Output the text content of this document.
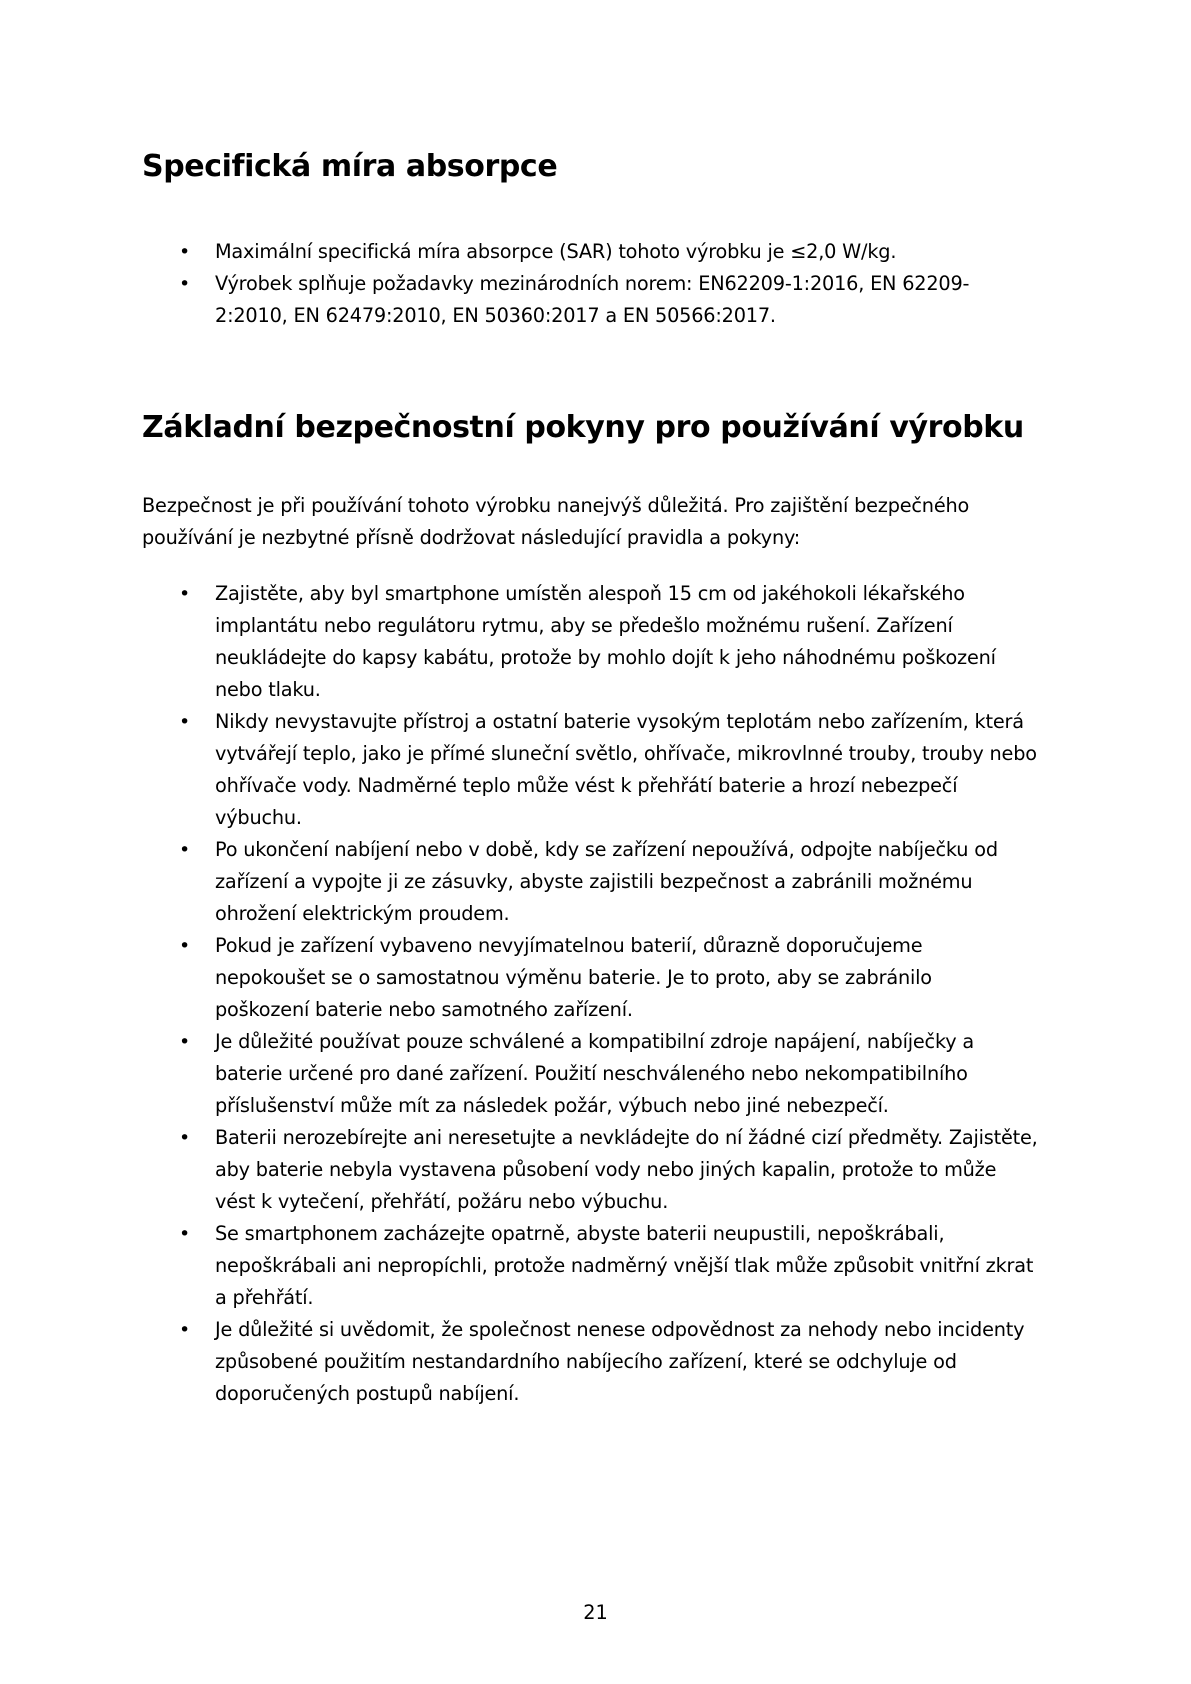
Specifická míra absorpce
• Maximální specifická míra absorpce (SAR) tohoto výrobku je ≤2,0 W/kg.
• Výrobek splňuje požadavky mezinárodních norem: EN62209-1:2016, EN 62209-
2:2010, EN 62479:2010, EN 50360:2017 a EN 50566:2017.
Základní bezpečnostní pokyny pro používání výrobku

Bezpečnost je při používání tohoto výrobku nanejvýš důležitá. Pro zajištění bezpečného
používání je nezbytné přísně dodržovat následující pravidla a pokyny:

• Zajistěte, aby byl smartphone umístěn alespoň 15 cm od jakéhokoli lékařského
implantátu nebo regulátoru rytmu, aby se předešlo možnému rušení. Zařízení
neukládejte do kapsy kabátu, protože by mohlo dojít k jeho náhodnému poškození
nebo tlaku.
• Nikdy nevystavujte přístroj a ostatní baterie vysokým teplotám nebo zařízením, která
vytvářejí teplo, jako je přímé sluneční světlo, ohřívače, mikrovlnné trouby, trouby nebo
ohřívače vody. Nadměrné teplo může vést k přehřátí baterie a hrozí nebezpečí
výbuchu.
• Po ukončení nabíjení nebo v době, kdy se zařízení nepoužívá, odpojte nabíječku od
zařízení a vypojte ji ze zásuvky, abyste zajistili bezpečnost a zabránili možnému
ohrožení elektrickým proudem.
• Pokud je zařízení vybaveno nevyjímatelnou baterií, důrazně doporučujeme
nepokoušet se o samostatnou výměnu baterie. Je to proto, aby se zabránilo
poškození baterie nebo samotného zařízení.
• Je důležité používat pouze schválené a kompatibilní zdroje napájení, nabíječky a
baterie určené pro dané zařízení. Použití neschváleného nebo nekompatibilního
příslušenství může mít za následek požár, výbuch nebo jiné nebezpečí.
• Baterii nerozebírejte ani neresetujte a nevkládejte do ní žádné cizí předměty. Zajistěte,
aby baterie nebyla vystavena působení vody nebo jiných kapalin, protože to může
vést k vytečení, přehřátí, požáru nebo výbuchu.
• Se smartphonem zacházejte opatrně, abyste baterii neupustili, nepoškrábali,
nepoškrábali ani nepropíchli, protože nadměrný vnější tlak může způsobit vnitřní zkrat
a přehřátí.
• Je důležité si uvědomit, že společnost nenese odpovědnost za nehody nebo incidenty
způsobené použitím nestandardního nabíjecího zařízení, které se odchyluje od
doporučených postupů nabíjení.
21
